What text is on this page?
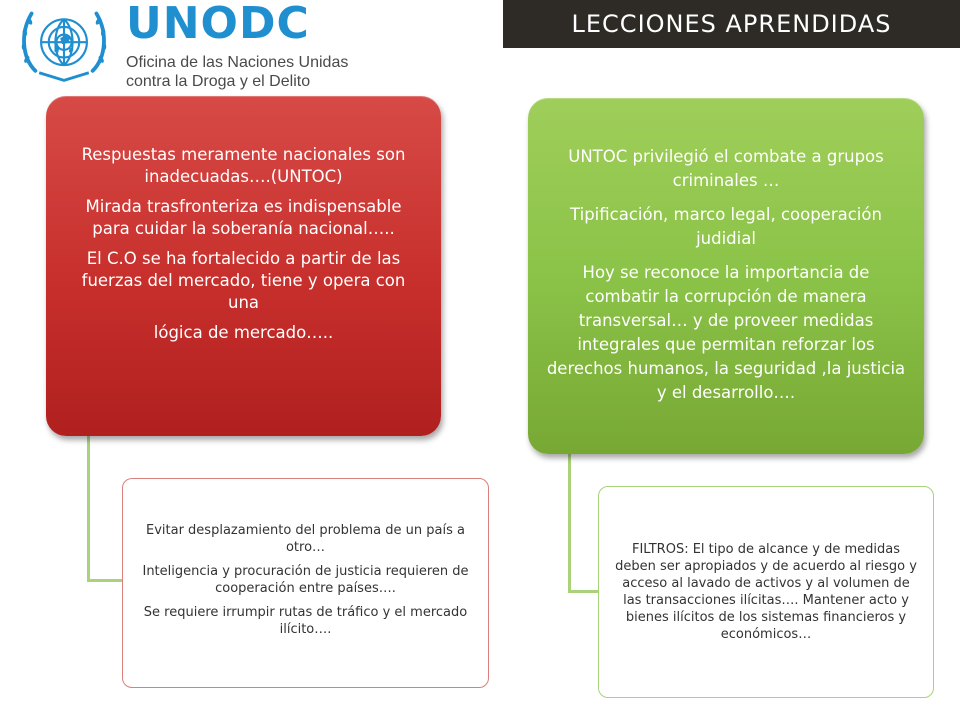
UNODC
Oficina de las Naciones Unidas
contra la Droga y el Delito
LECCIONES APRENDIDAS

Respuestas meramente nacionales son inadecuadas….(UNTOC)

Mirada trasfronteriza es indispensable para cuidar la soberanía nacional…..

El C.O se ha fortalecido a partir de las fuerzas del mercado, tiene y opera con una

lógica de mercado…..

Evitar desplazamiento del problema de un país a otro…

Inteligencia y procuración de justicia requieren de cooperación entre países….

Se requiere irrumpir rutas de tráfico y el mercado ilícito….

UNTOC privilegió el combate a grupos criminales …

Tipificación, marco legal, cooperación judidial

Hoy se reconoce la importancia de combatir la corrupción de manera transversal… y de proveer medidas integrales que permitan reforzar los derechos humanos, la seguridad ,la justicia y el desarrollo….

FILTROS: El tipo de alcance y de medidas deben ser apropiados y de acuerdo al riesgo y acceso al lavado de activos y al volumen de las transacciones ilícitas…. Mantener acto y bienes ilícitos de los sistemas financieros y económicos…
